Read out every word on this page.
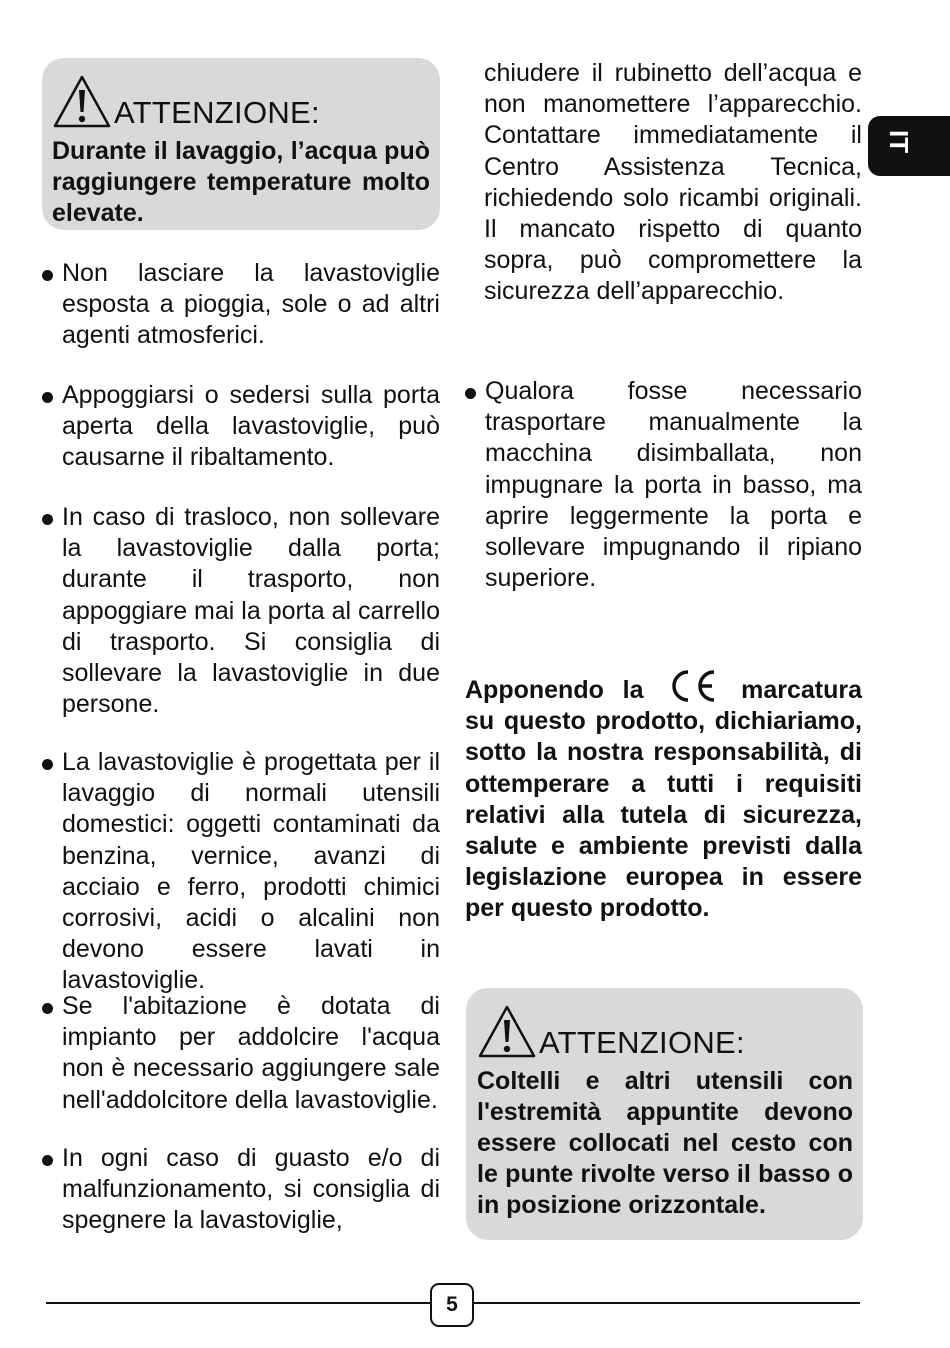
IT
ATTENZIONE:
Durante il lavaggio, l’acqua può raggiungere temperature molto elevate.
Non lasciare la lavastoviglie esposta a pioggia, sole o ad altri agenti atmosferici.
Appoggiarsi o sedersi sulla porta aperta della lavastoviglie, può causarne il ribaltamento.
In caso di trasloco, non sollevare la lavastoviglie dalla porta; durante il trasporto, non appoggiare mai la porta al carrello di trasporto. Si consiglia di sollevare la lavastoviglie in due persone.
La lavastoviglie è progettata per il lavaggio di normali utensili domestici: oggetti contaminati da benzina, vernice, avanzi di acciaio e ferro, prodotti chimici corrosivi, acidi o alcalini non devono essere lavati in lavastoviglie.
Se l'abitazione è dotata di impianto per addolcire l'acqua non è necessario aggiungere sale nell'addolcitore della lavastoviglie.
In ogni caso di guasto e/o di malfunzionamento, si consiglia di spegnere la lavastoviglie,
chiudere il rubinetto dell’acqua e non manomettere l’apparecchio. Contattare immediatamente il Centro Assistenza Tecnica, richiedendo solo ricambi originali. Il mancato rispetto di quanto sopra, può compromettere la sicurezza dell’apparecchio.
Qualora fosse necessario trasportare manualmente la macchina disimballata, non impugnare la porta in basso, ma aprire leggermente la porta e sollevare impugnando il ripiano superiore.
Apponendo la	marcatura su questo prodotto, dichiariamo, sotto la nostra responsabilità, di ottemperare a tutti i requisiti relativi alla tutela di sicurezza, salute e ambiente previsti dalla legislazione europea in essere per questo prodotto.
ATTENZIONE:
Coltelli e altri utensili con l'estremità appuntite devono essere collocati nel cesto con le punte rivolte verso il basso o in posizione orizzontale.
5
